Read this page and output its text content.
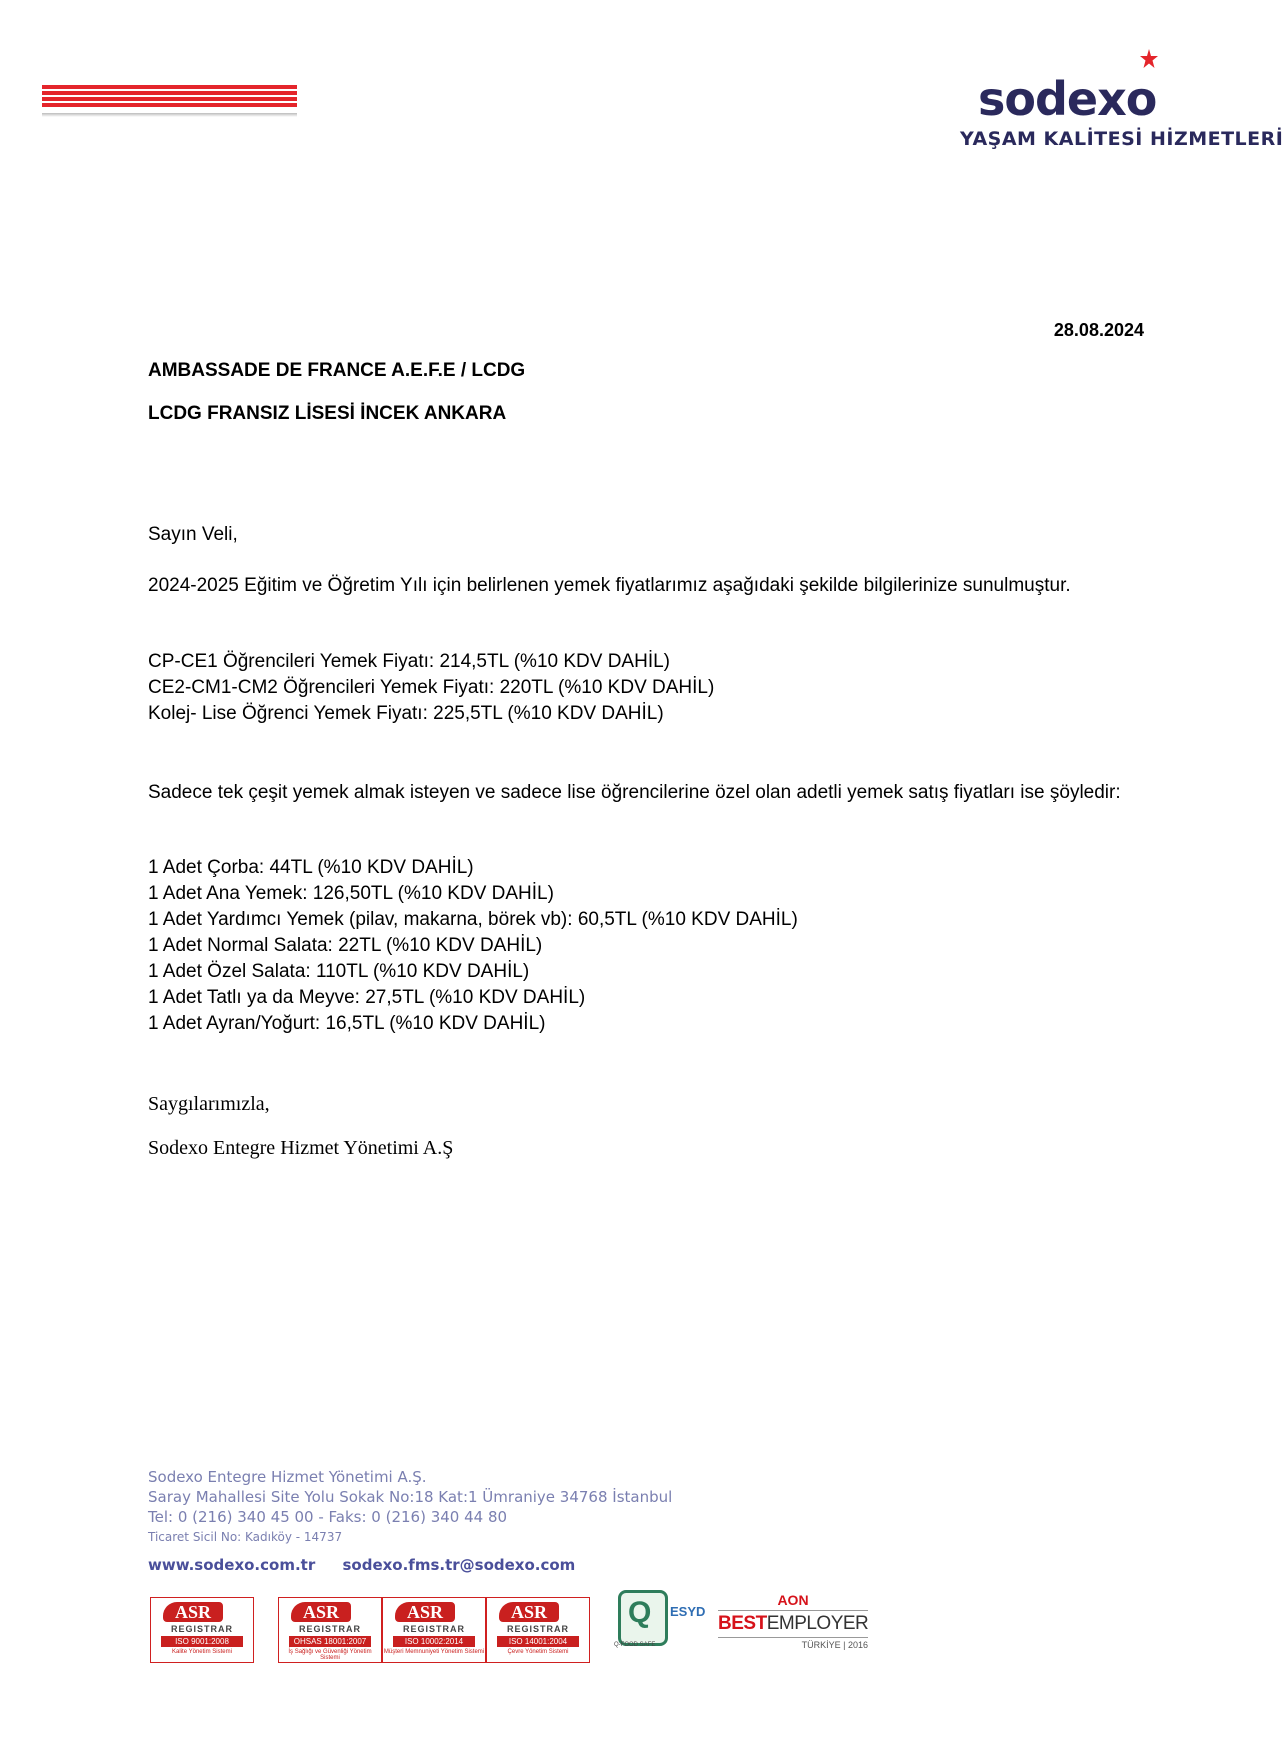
sodexo
YAŞAM KALİTESİ HİZMETLERİ
28.08.2024
AMBASSADE DE FRANCE A.E.F.E / LCDG
LCDG FRANSIZ LİSESİ İNCEK ANKARA
Sayın Veli,
2024-2025 Eğitim ve Öğretim Yılı için belirlenen yemek fiyatlarımız aşağıdaki şekilde bilgilerinize sunulmuştur.
CP-CE1 Öğrencileri Yemek Fiyatı: 214,5TL (%10 KDV DAHİL)
CE2-CM1-CM2 Öğrencileri Yemek Fiyatı: 220TL (%10 KDV DAHİL)
Kolej- Lise Öğrenci Yemek Fiyatı: 225,5TL (%10 KDV DAHİL)
Sadece tek çeşit yemek almak isteyen ve sadece lise öğrencilerine özel olan adetli yemek satış fiyatları ise şöyledir:
1 Adet Çorba: 44TL (%10 KDV DAHİL)
1 Adet Ana Yemek: 126,50TL (%10 KDV DAHİL)
1 Adet Yardımcı Yemek (pilav, makarna, börek vb): 60,5TL (%10 KDV DAHİL)
1 Adet Normal Salata: 22TL (%10 KDV DAHİL)
1 Adet Özel Salata: 110TL (%10 KDV DAHİL)
1 Adet Tatlı ya da Meyve: 27,5TL (%10 KDV DAHİL)
1 Adet Ayran/Yoğurt: 16,5TL (%10 KDV DAHİL)
Saygılarımızla,
Sodexo Entegre Hizmet Yönetimi A.Ş
Sodexo Entegre Hizmet Yönetimi A.Ş.
Saray Mahallesi Site Yolu Sokak No:18 Kat:1 Ümraniye 34768 İstanbul
Tel: 0 (216) 340 45 00 - Faks: 0 (216) 340 44 80
Ticaret Sicil No: Kadıköy - 14737
www.sodexo.com.tr sodexo.fms.tr@sodexo.com
ASR
REGISTRAR
ISO 9001:2008
Kalite Yönetim Sistemi
ASR
REGISTRAR
OHSAS 18001:2007
İş Sağlığı ve Güvenliği Yönetim Sistemi
ASR
REGISTRAR
ISO 10002:2014
Müşteri Memnuniyeti Yönetim Sistemi
ASR
REGISTRAR
ISO 14001:2004
Çevre Yönetim Sistemi
Q ESYD
Q-FOOD SAFE
AON
BESTEMPLOYER
TÜRKİYE | 2016
